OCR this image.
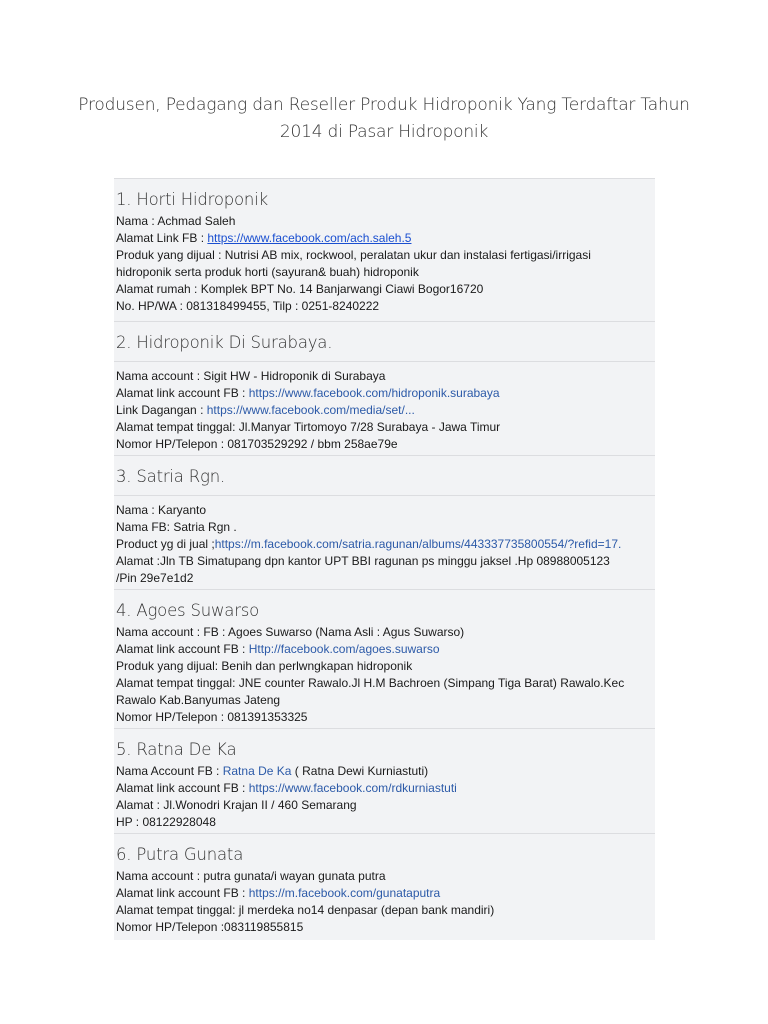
Produsen, Pedagang dan Reseller Produk Hidroponik Yang Terdaftar Tahun
2014 di Pasar Hidroponik
1. Horti Hidroponik
Nama : Achmad Saleh
Alamat Link FB : https://www.facebook.com/ach.saleh.5
Produk yang dijual : Nutrisi AB mix, rockwool, peralatan ukur dan instalasi fertigasi/irrigasi
hidroponik serta produk horti (sayuran& buah) hidroponik
Alamat rumah : Komplek BPT No. 14 Banjarwangi Ciawi Bogor16720
No. HP/WA : 081318499455, Tilp : 0251-8240222
2. Hidroponik Di Surabaya.
Nama account : Sigit HW - Hidroponik di Surabaya
Alamat link account FB : https://www.facebook.com/hidroponik.surabaya
Link Dagangan : https://www.facebook.com/media/set/...
Alamat tempat tinggal: Jl.Manyar Tirtomoyo 7/28 Surabaya - Jawa Timur
Nomor HP/Telepon : 081703529292 / bbm 258ae79e
3. Satria Rgn.
Nama : Karyanto
Nama FB: Satria Rgn .
Product yg di jual ;https://m.facebook.com/satria.ragunan/albums/443337735800554/?refid=17.
Alamat :Jln TB Simatupang dpn kantor UPT BBI ragunan ps minggu jaksel .Hp 08988005123
/Pin 29e7e1d2
4. Agoes Suwarso
Nama account : FB : Agoes Suwarso (Nama Asli : Agus Suwarso)
Alamat link account FB : Http://facebook.com/agoes.suwarso
Produk yang dijual: Benih dan perlwngkapan hidroponik
Alamat tempat tinggal: JNE counter Rawalo.Jl H.M Bachroen (Simpang Tiga Barat) Rawalo.Kec
Rawalo Kab.Banyumas Jateng
Nomor HP/Telepon : 081391353325
5. Ratna De Ka
Nama Account FB : Ratna De Ka ( Ratna Dewi Kurniastuti)
Alamat link account FB : https://www.facebook.com/rdkurniastuti
Alamat : Jl.Wonodri Krajan II / 460 Semarang
HP : 08122928048
6. Putra Gunata
Nama account : putra gunata/i wayan gunata putra
Alamat link account FB : https://m.facebook.com/gunataputra
Alamat tempat tinggal: jl merdeka no14 denpasar (depan bank mandiri)
Nomor HP/Telepon :083119855815
